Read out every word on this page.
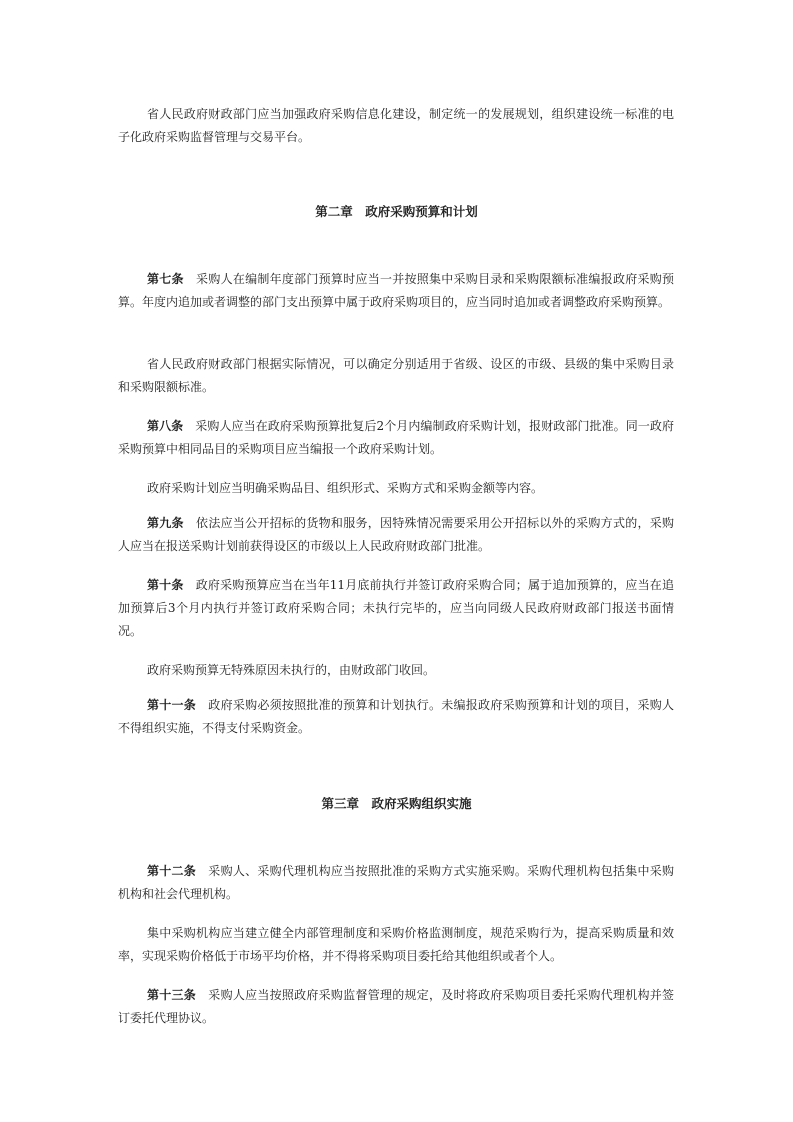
省人民政府财政部门应当加强政府采购信息化建设，制定统一的发展规划，组织建设统一标准的电子化政府采购监督管理与交易平台。

第二章　政府采购预算和计划

第七条 采购人在编制年度部门预算时应当一并按照集中采购目录和采购限额标准编报政府采购预算。年度内追加或者调整的部门支出预算中属于政府采购项目的，应当同时追加或者调整政府采购预算。

省人民政府财政部门根据实际情况，可以确定分别适用于省级、设区的市级、县级的集中采购目录和采购限额标准。

第八条 采购人应当在政府采购预算批复后2个月内编制政府采购计划，报财政部门批准。同一政府采购预算中相同品目的采购项目应当编报一个政府采购计划。

政府采购计划应当明确采购品目、组织形式、采购方式和采购金额等内容。

第九条 依法应当公开招标的货物和服务，因特殊情况需要采用公开招标以外的采购方式的，采购人应当在报送采购计划前获得设区的市级以上人民政府财政部门批准。

第十条 政府采购预算应当在当年11月底前执行并签订政府采购合同；属于追加预算的，应当在追加预算后3个月内执行并签订政府采购合同；未执行完毕的，应当向同级人民政府财政部门报送书面情况。

政府采购预算无特殊原因未执行的，由财政部门收回。

第十一条 政府采购必须按照批准的预算和计划执行。未编报政府采购预算和计划的项目，采购人不得组织实施，不得支付采购资金。

第三章　政府采购组织实施

第十二条 采购人、采购代理机构应当按照批准的采购方式实施采购。采购代理机构包括集中采购机构和社会代理机构。

集中采购机构应当建立健全内部管理制度和采购价格监测制度，规范采购行为，提高采购质量和效率，实现采购价格低于市场平均价格，并不得将采购项目委托给其他组织或者个人。

第十三条 采购人应当按照政府采购监督管理的规定，及时将政府采购项目委托采购代理机构并签订委托代理协议。
